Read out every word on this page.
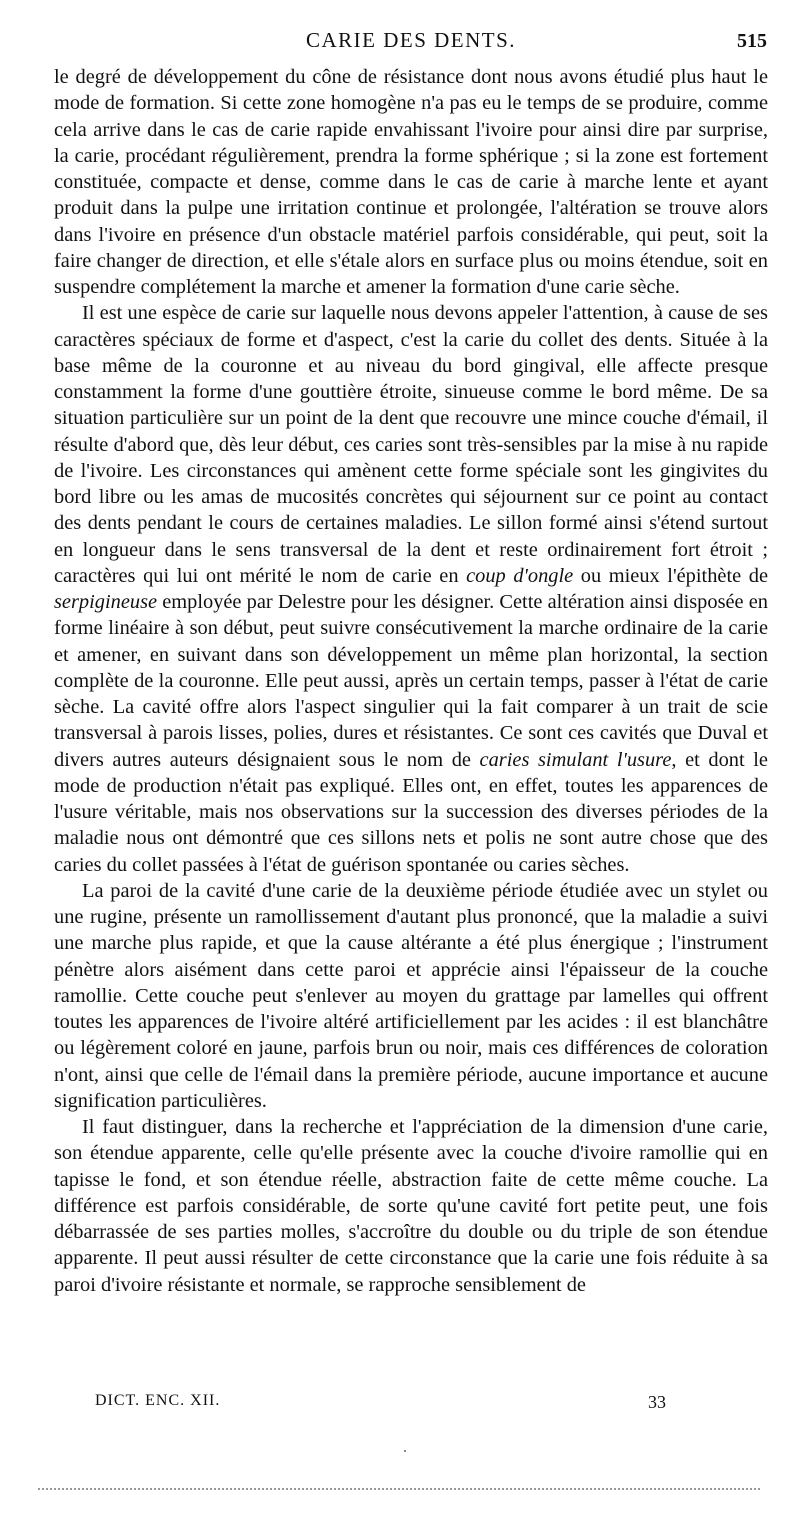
CARIE DES DENTS.	515

le degré de développement du cône de résistance dont nous avons étudié plus haut le mode de formation. Si cette zone homogène n'a pas eu le temps de se produire, comme cela arrive dans le cas de carie rapide envahissant l'ivoire pour ainsi dire par surprise, la carie, procédant régulièrement, prendra la forme sphérique ; si la zone est fortement constituée, compacte et dense, comme dans le cas de carie à marche lente et ayant produit dans la pulpe une irritation continue et prolongée, l'altération se trouve alors dans l'ivoire en présence d'un obstacle matériel parfois considérable, qui peut, soit la faire changer de direction, et elle s'étale alors en surface plus ou moins étendue, soit en suspendre complétement la marche et amener la formation d'une carie sèche.

Il est une espèce de carie sur laquelle nous devons appeler l'attention, à cause de ses caractères spéciaux de forme et d'aspect, c'est la carie du collet des dents. Située à la base même de la couronne et au niveau du bord gingival, elle affecte presque constamment la forme d'une gouttière étroite, sinueuse comme le bord même. De sa situation particulière sur un point de la dent que recouvre une mince couche d'émail, il résulte d'abord que, dès leur début, ces caries sont très-sensibles par la mise à nu rapide de l'ivoire. Les circonstances qui amènent cette forme spéciale sont les gingivites du bord libre ou les amas de mucosités concrètes qui séjournent sur ce point au contact des dents pendant le cours de certaines maladies. Le sillon formé ainsi s'étend surtout en longueur dans le sens transversal de la dent et reste ordinairement fort étroit ; caractères qui lui ont mérité le nom de carie en coup d'ongle ou mieux l'épithète de serpigineuse employée par Delestre pour les désigner. Cette altération ainsi disposée en forme linéaire à son début, peut suivre consécutivement la marche ordinaire de la carie et amener, en suivant dans son développement un même plan horizontal, la section complète de la couronne. Elle peut aussi, après un certain temps, passer à l'état de carie sèche. La cavité offre alors l'aspect singulier qui la fait comparer à un trait de scie transversal à parois lisses, polies, dures et résistantes. Ce sont ces cavités que Duval et divers autres auteurs désignaient sous le nom de caries simulant l'usure, et dont le mode de production n'était pas expliqué. Elles ont, en effet, toutes les apparences de l'usure véritable, mais nos observations sur la succession des diverses périodes de la maladie nous ont démontré que ces sillons nets et polis ne sont autre chose que des caries du collet passées à l'état de guérison spontanée ou caries sèches.

La paroi de la cavité d'une carie de la deuxième période étudiée avec un stylet ou une rugine, présente un ramollissement d'autant plus prononcé, que la maladie a suivi une marche plus rapide, et que la cause altérante a été plus énergique ; l'instrument pénètre alors aisément dans cette paroi et apprécie ainsi l'épaisseur de la couche ramollie. Cette couche peut s'enlever au moyen du grattage par lamelles qui offrent toutes les apparences de l'ivoire altéré artificiellement par les acides : il est blanchâtre ou légèrement coloré en jaune, parfois brun ou noir, mais ces différences de coloration n'ont, ainsi que celle de l'émail dans la première période, aucune importance et aucune signification particulières.

Il faut distinguer, dans la recherche et l'appréciation de la dimension d'une carie, son étendue apparente, celle qu'elle présente avec la couche d'ivoire ramollie qui en tapisse le fond, et son étendue réelle, abstraction faite de cette même couche. La différence est parfois considérable, de sorte qu'une cavité fort petite peut, une fois débarrassée de ses parties molles, s'accroître du double ou du triple de son étendue apparente. Il peut aussi résulter de cette circonstance que la carie une fois réduite à sa paroi d'ivoire résistante et normale, se rapproche sensiblement de

DICT. ENC. XII.	33
